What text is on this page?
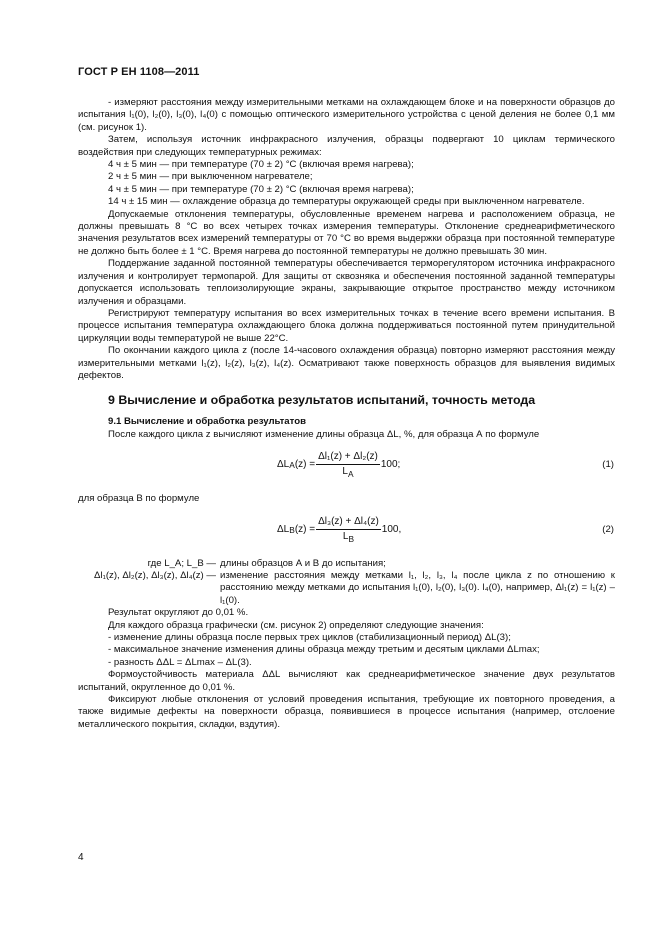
ГОСТ Р ЕН 1108—2011

- измеряют расстояния между измерительными метками на охлаждающем блоке и на поверхности образцов до испытания l₁(0), l₂(0), l₃(0), l₄(0) с помощью оптического измерительного устройства с ценой деления не более 0,1 мм (см. рисунок 1).

Затем, используя источник инфракрасного излучения, образцы подвергают 10 циклам термического воздействия при следующих температурных режимах:

4 ч ± 5 мин — при температуре (70 ± 2) °С (включая время нагрева);

2 ч ± 5 мин — при выключенном нагревателе;

4 ч ± 5 мин — при температуре (70 ± 2) °С (включая время нагрева);

14 ч ± 15 мин — охлаждение образца до температуры окружающей среды при выключенном нагревателе.

Допускаемые отклонения температуры, обусловленные временем нагрева и расположением образца, не должны превышать 8 °С во всех четырех точках измерения температуры. Отклонение среднеарифметического значения результатов всех измерений температуры от 70 °С во время выдержки образца при постоянной температуре не должно быть более ± 1 °С. Время нагрева до постоянной температуры не должно превышать 30 мин.

Поддержание заданной постоянной температуры обеспечивается терморегулятором источника инфракрасного излучения и контролирует термопарой. Для защиты от сквозняка и обеспечения постоянной заданной температуры допускается использовать теплоизолирующие экраны, закрывающие открытое пространство между источником излучения и образцами.

Регистрируют температуру испытания во всех измерительных точках в течение всего времени испытания. В процессе испытания температура охлаждающего блока должна поддерживаться постоянной путем принудительной циркуляции воды температурой не выше 22°С.

По окончании каждого цикла z (после 14-часового охлаждения образца) повторно измеряют расстояния между измерительными метками l₁(z), l₂(z), l₃(z), l₄(z). Осматривают также поверхность образцов для выявления видимых дефектов.

9 Вычисление и обработка результатов испытаний, точность метода

9.1 Вычисление и обработка результатов

После каждого цикла z вычисляют изменение длины образца ΔL, %, для образца А по формуле

ΔL A $(z) = \frac{\text{Δl₁(z) + Δl₂(z)}}{L_A} 100$;	(1)

для образца В по формуле

ΔL B $(z) = \frac{\text{Δl₃(z) + Δl₄(z)}}{L_B} 100$,	(2)
где L_A; L_B — длины образцов А и В до испытания;
Δl₁(z), Δl₂(z), Δl₃(z), Δl₄(z) — изменение расстояния между метками l₁, l₂, l₃, l₄ после цикла z по отношению к расстоянию между метками до испытания l₁(0), l₂(0), l₃(0). l₄(0), например, Δl₁(z) = l₁(z) – l₁(0).

Результат округляют до 0,01 %.

Для каждого образца графически (см. рисунок 2) определяют следующие значения:

- изменение длины образца после первых трех циклов (стабилизационный период) ΔL(3);

- максимальное значение изменения длины образца между третьим и десятым циклами ΔLmax;

- разность ΔΔL = ΔLmax – ΔL(3).

Формоустойчивость материала ΔΔL вычисляют как среднеарифметическое значение двух результатов испытаний, округленное до 0,01 %.

Фиксируют любые отклонения от условий проведения испытания, требующие их повторного проведения, а также видимые дефекты на поверхности образца, появившиеся в процессе испытания (например, отслоение металлического покрытия, складки, вздутия).

4
